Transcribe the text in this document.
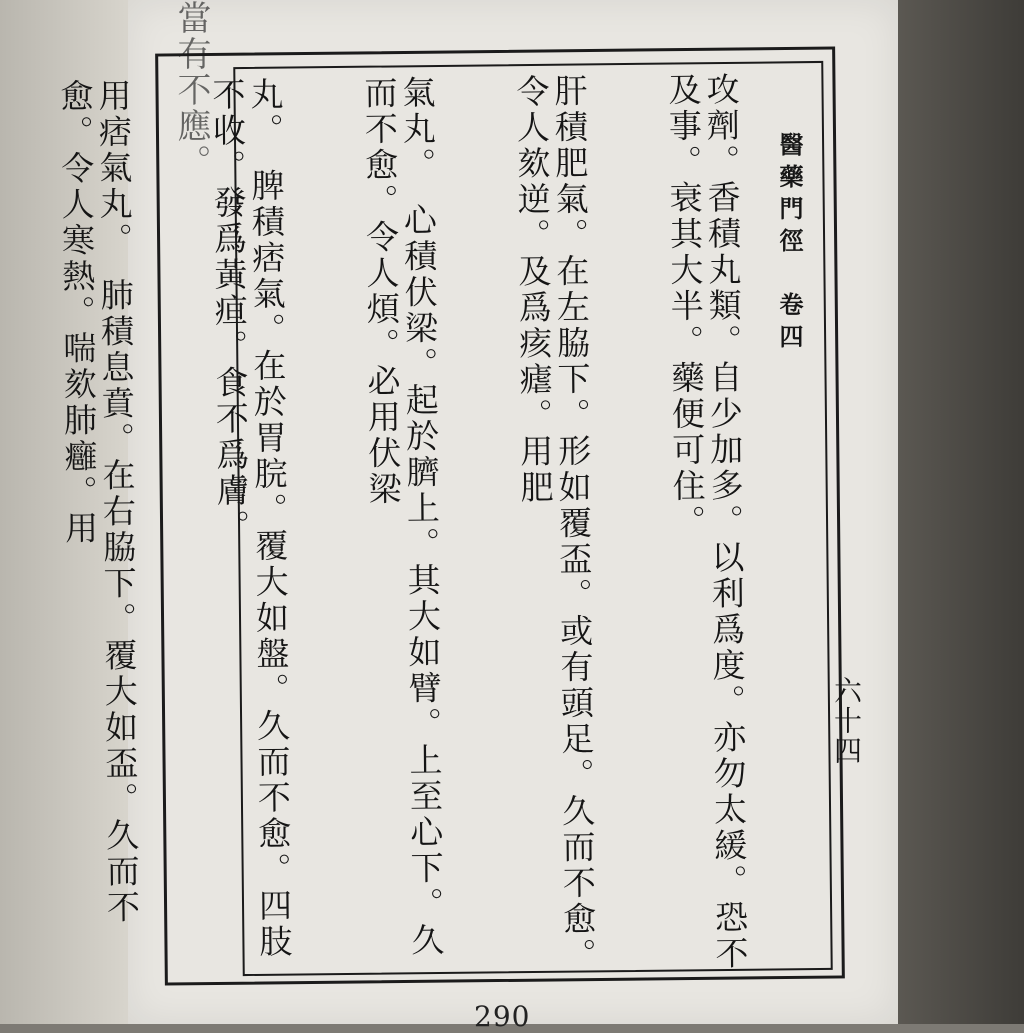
當有不應。
醫藥門徑　卷四
六十四

攻劑。香積丸類。自少加多。以利爲度。亦勿太緩。恐不及事。衰其大半。藥便可住。

肝積肥氣。在左脇下。形如覆盃。或有頭足。久而不愈。令人欬逆。及爲痎瘧。用肥

氣丸。　心積伏梁。起於臍上。其大如臂。上至心下。久而不愈。令人煩。必用伏梁

丸。　脾積痞氣。在於胃脘。覆大如盤。久而不愈。四肢不收。發爲黃疸。食不爲膚。

用痞氣丸。　肺積息賁。在右脇下。覆大如盃。久而不愈。令人寒熱。喘欬肺癰。用

290
